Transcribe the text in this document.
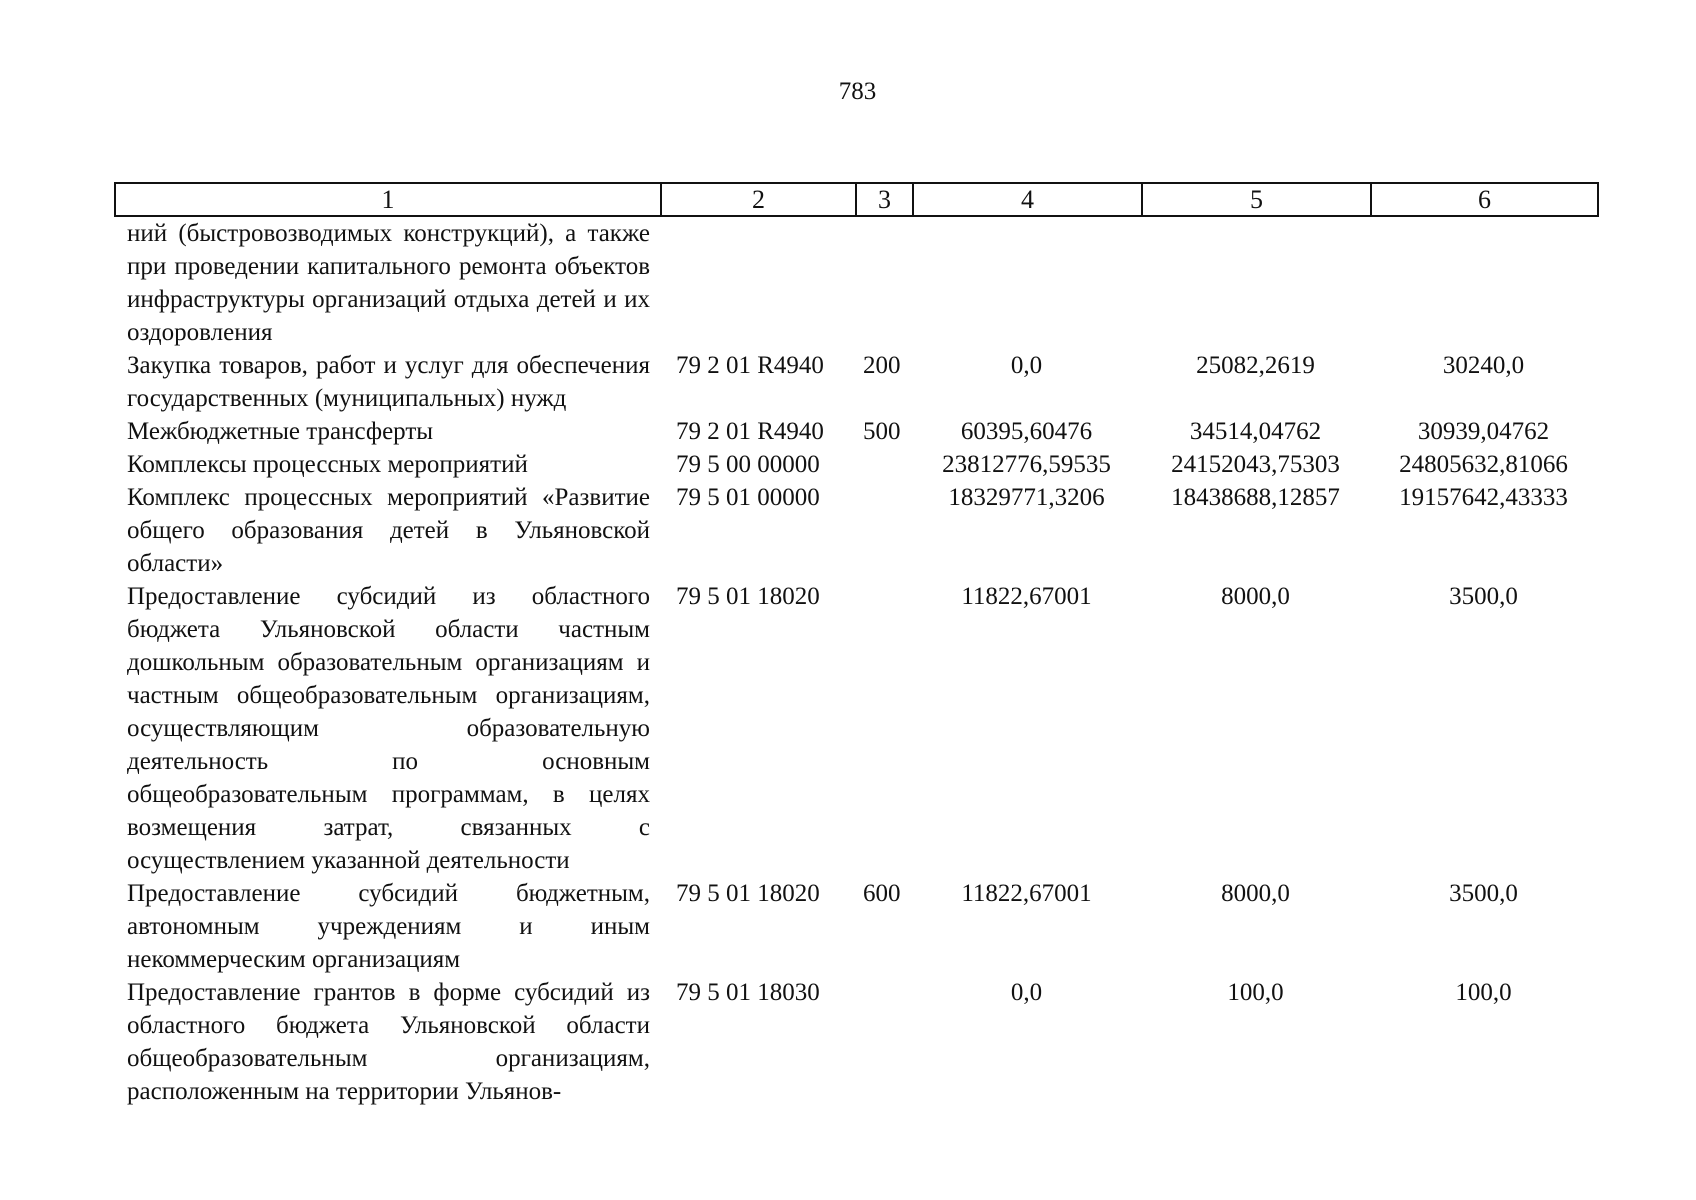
783
1	2	3	4	5	6
ний (быстровозводимых конструкций), а также при проведении капитального ремонта объектов инфраструктуры организаций отдыха детей и их оздоровления					
Закупка товаров, работ и услуг для обеспечения государственных (муниципальных) нужд	79 2 01 R4940	200	0,0	25082,2619	30240,0
Межбюджетные трансферты	79 2 01 R4940	500	60395,60476	34514,04762	30939,04762
Комплексы процессных мероприятий	79 5 00 00000		23812776,59535	24152043,75303	24805632,81066
Комплекс процессных мероприятий «Развитие общего образования детей в Ульяновской области»	79 5 01 00000		18329771,3206	18438688,12857	19157642,43333
Предоставление субсидий из областного бюджета Ульяновской области частным дошкольным образовательным организациям и частным общеобразовательным организациям, осуществляющим образовательную деятельность по основным общеобразовательным программам, в целях возмещения затрат, связанных с осуществлением указанной деятельности	79 5 01 18020		11822,67001	8000,0	3500,0
Предоставление субсидий бюджетным, автономным учреждениям и иным некоммерческим организациям	79 5 01 18020	600	11822,67001	8000,0	3500,0
Предоставление грантов в форме субсидий из областного бюджета Ульяновской области общеобразовательным организациям, расположенным на территории Ульянов-	79 5 01 18030		0,0	100,0	100,0
